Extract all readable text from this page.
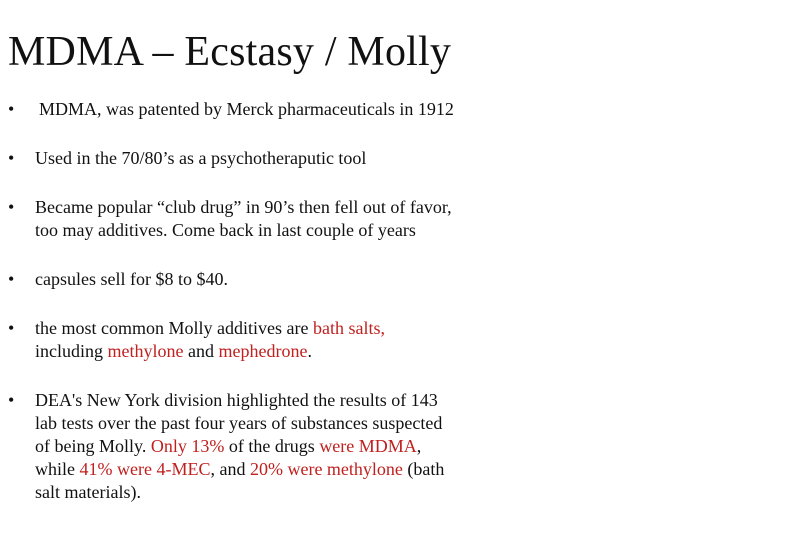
MDMA – Ecstasy / Molly
•	MDMA, was patented by Merck pharmaceuticals in 1912
•	Used in the 70/80’s as a psychotheraputic tool
•	Became popular “club drug” in 90’s then fell out of favor,
too may additives. Come back in last couple of years
•	capsules sell for $8 to $40.
•	the most common Molly additives are bath salts,
including methylone and mephedrone.
•	DEA's New York division highlighted the results of 143
lab tests over the past four years of substances suspected
of being Molly. Only 13% of the drugs were MDMA,
while 41% were 4-MEC, and 20% were methylone (bath
salt materials).
